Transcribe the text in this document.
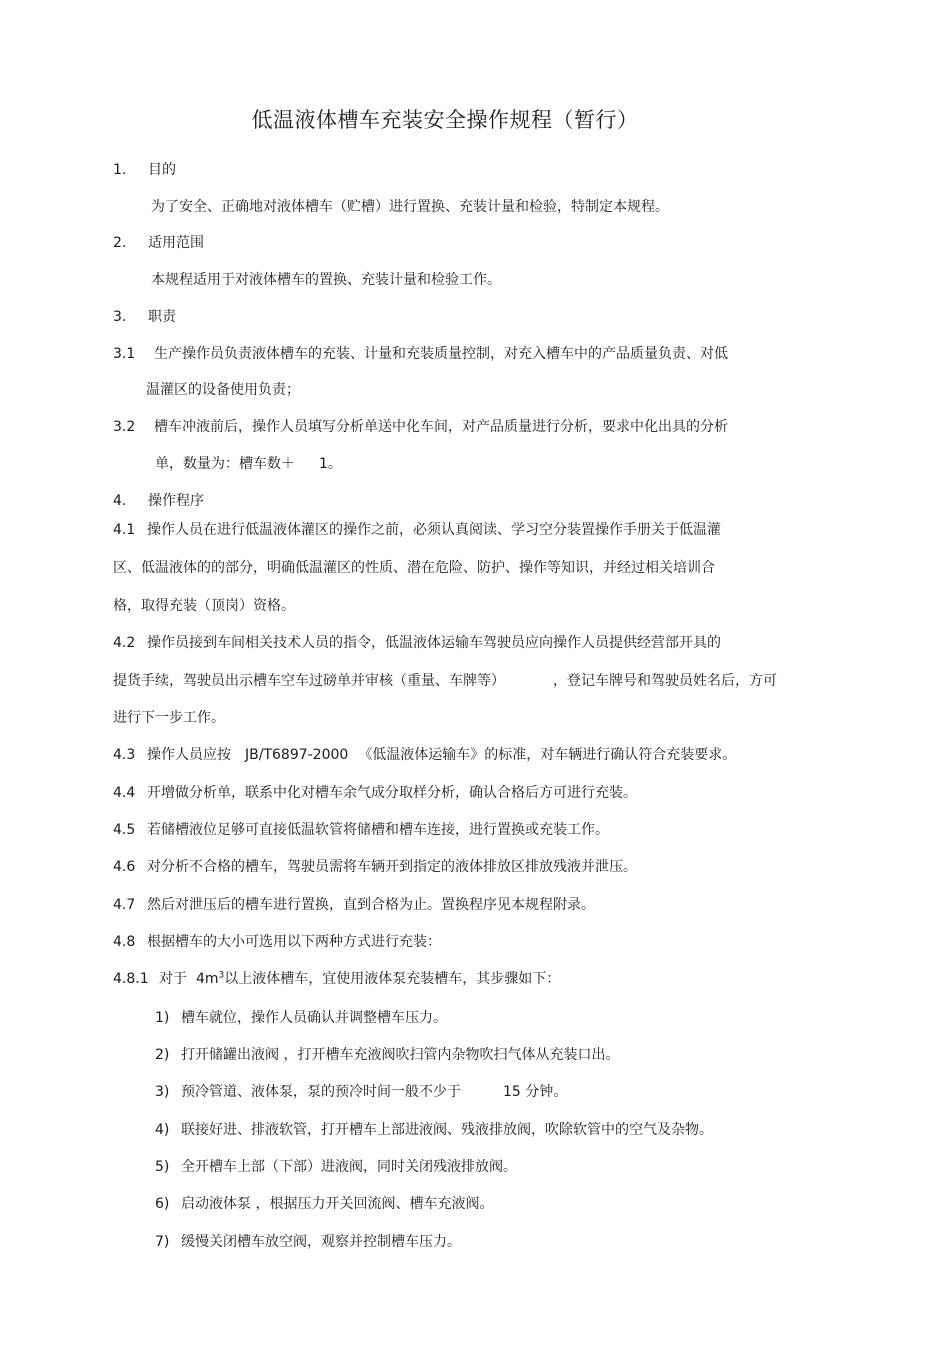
低温液体槽车充装安全操作规程（暂行）
1. 目的
为了安全、正确地对液体槽车（贮槽）进行置换、充装计量和检验，特制定本规程。
2. 适用范围
本规程适用于对液体槽车的置换、充装计量和检验工作。
3. 职责
3.1 生产操作员负责液体槽车的充装、计量和充装质量控制，对充入槽车中的产品质量负责、对低
温灌区的设备使用负责；
3.2 槽车冲液前后，操作人员填写分析单送中化车间，对产品质量进行分析，要求中化出具的分析
单，数量为：槽车数＋ 1。
4. 操作程序
4.1 操作人员在进行低温液体灌区的操作之前，必须认真阅读、学习空分装置操作手册关于低温灌
区、低温液体的的部分，明确低温灌区的性质、潜在危险、防护、操作等知识，并经过相关培训合
格，取得充装（顶岗）资格。
4.2 操作员接到车间相关技术人员的指令，低温液体运输车驾驶员应向操作人员提供经营部开具的
提货手续，驾驶员出示槽车空车过磅单并审核（重量、车牌等）	，登记车牌号和驾驶员姓名后，方可
进行下一步工作。
4.3 操作人员应按 JB/T6897-2000 《低温液体运输车》的标准，对车辆进行确认符合充装要求。
4.4 开增做分析单，联系中化对槽车余气成分取样分析，确认合格后方可进行充装。
4.5 若储槽液位足够可直接低温软管将储槽和槽车连接，进行置换或充装工作。
4.6 对分析不合格的槽车，驾驶员需将车辆开到指定的液体排放区排放残液并泄压。
4.7 然后对泄压后的槽车进行置换，直到合格为止。置换程序见本规程附录。
4.8 根据槽车的大小可选用以下两种方式进行充装：
4.8.1 对于 $4m^3$以上液体槽车，宜使用液体泵充装槽车，其步骤如下：
1) 槽车就位，操作人员确认并调整槽车压力。
2) 打开储罐出液阀 ，打开槽车充液阀吹扫管内杂物吹扫气体从充装口出。
3) 预冷管道、液体泵，泵的预冷时间一般不少于	15 分钟。
4) 联接好进、排液软管，打开槽车上部进液阀、残液排放阀，吹除软管中的空气及杂物。
5) 全开槽车上部（下部）进液阀，同时关闭残液排放阀。
6) 启动液体泵 ，根据压力开关回流阀、槽车充液阀。
7) 缓慢关闭槽车放空阀，观察并控制槽车压力。
